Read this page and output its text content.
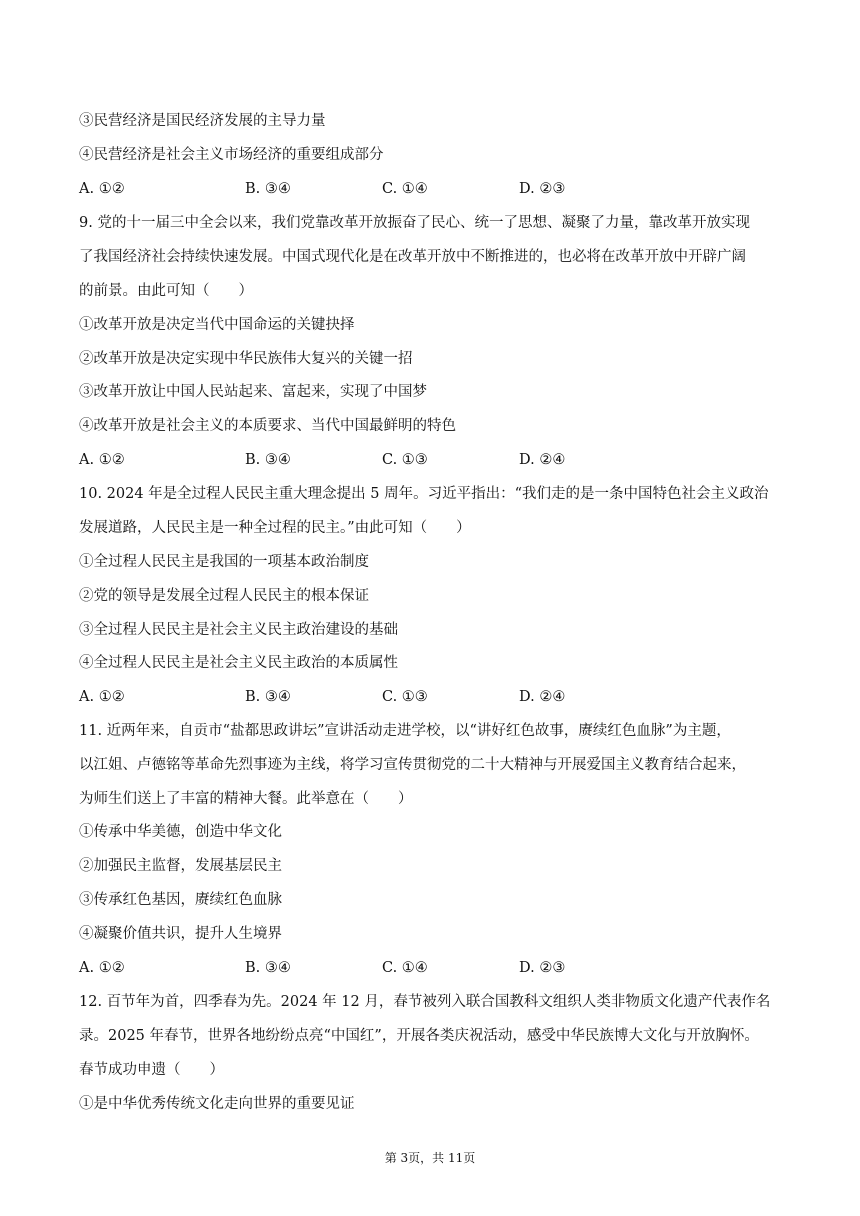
③民营经济是国民经济发展的主导力量
④民营经济是社会主义市场经济的重要组成部分
A. ①②	B. ③④	C. ①④	D. ②③
9. 党的十一届三中全会以来，我们党靠改革开放振奋了民心、统一了思想、凝聚了力量，靠改革开放实现
了我国经济社会持续快速发展。中国式现代化是在改革开放中不断推进的，也必将在改革开放中开辟广阔
的前景。由此可知（　　）
①改革开放是决定当代中国命运的关键抉择
②改革开放是决定实现中华民族伟大复兴的关键一招
③改革开放让中国人民站起来、富起来，实现了中国梦
④改革开放是社会主义的本质要求、当代中国最鲜明的特色
A. ①②	B. ③④	C. ①③	D. ②④
10. 2024 年是全过程人民民主重大理念提出 5 周年。习近平指出：“我们走的是一条中国特色社会主义政治
发展道路，人民民主是一种全过程的民主。”由此可知（　　）
①全过程人民民主是我国的一项基本政治制度
②党的领导是发展全过程人民民主的根本保证
③全过程人民民主是社会主义民主政治建设的基础
④全过程人民民主是社会主义民主政治的本质属性
A. ①②	B. ③④	C. ①③	D. ②④
11. 近两年来，自贡市“盐都思政讲坛”宣讲活动走进学校，以“讲好红色故事，赓续红色血脉”为主题，
以江姐、卢德铭等革命先烈事迹为主线，将学习宣传贯彻党的二十大精神与开展爱国主义教育结合起来，
为师生们送上了丰富的精神大餐。此举意在（　　）
①传承中华美德，创造中华文化
②加强民主监督，发展基层民主
③传承红色基因，赓续红色血脉
④凝聚价值共识，提升人生境界
A. ①②	B. ③④	C. ①④	D. ②③
12. 百节年为首，四季春为先。2024 年 12 月，春节被列入联合国教科文组织人类非物质文化遗产代表作名
录。2025 年春节，世界各地纷纷点亮“中国红”，开展各类庆祝活动，感受中华民族博大文化与开放胸怀。
春节成功申遗（　　）
①是中华优秀传统文化走向世界的重要见证
第 3页，共 11页
